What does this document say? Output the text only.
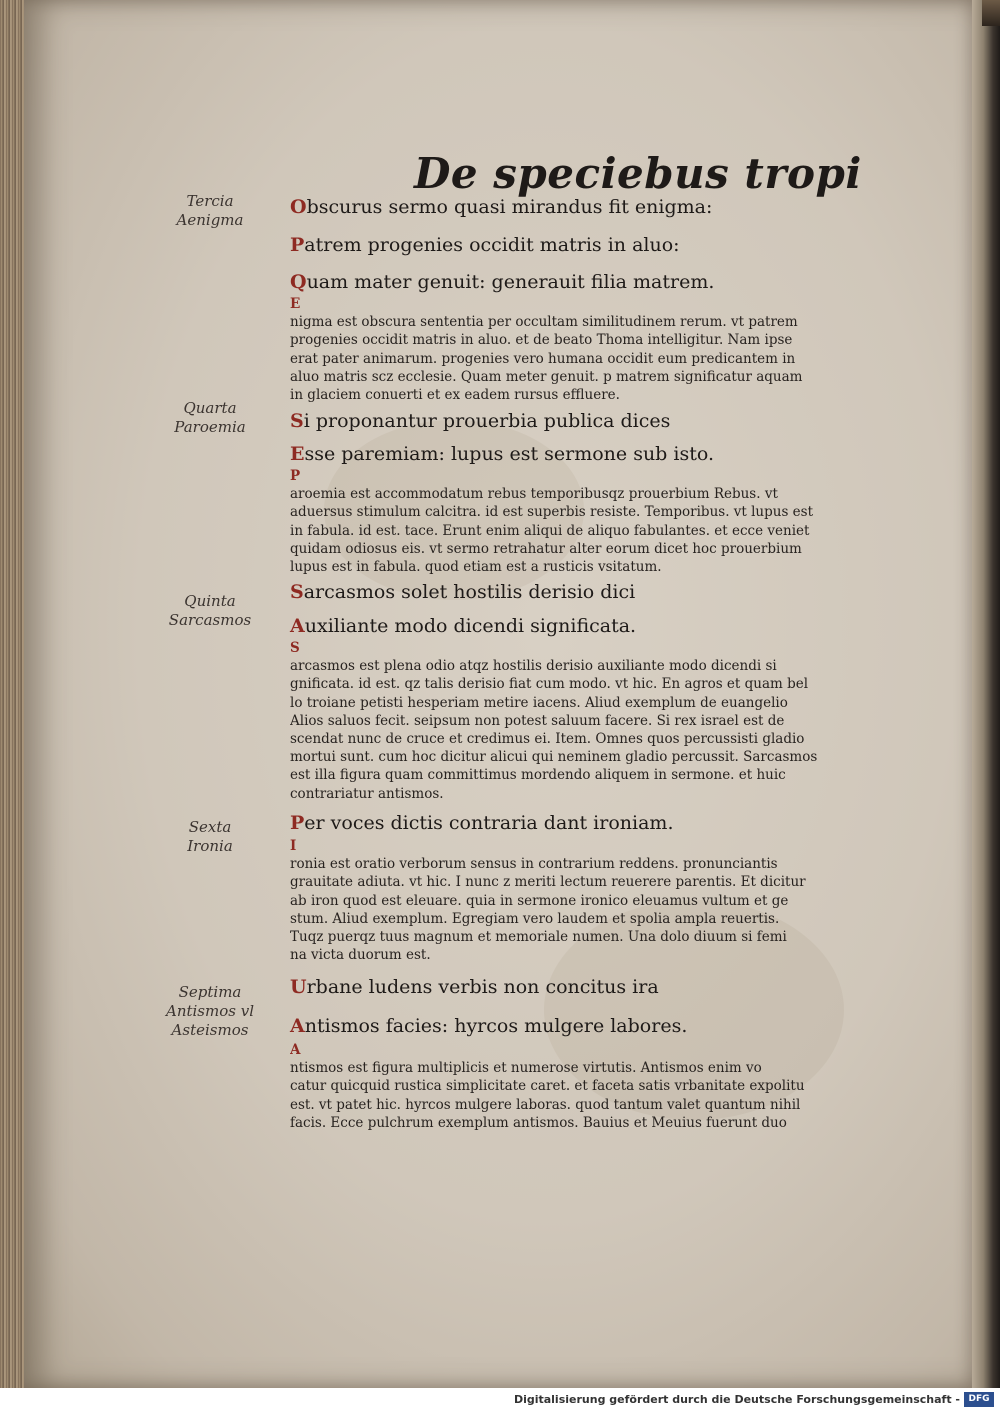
De speciebus tropi
Tercia
Aenigma
Obscurus sermo quasi mirandus fit enigma:
Patrem progenies occidit matris in aluo:
Quam mater genuit: generauit filia matrem.
E
nigma est obscura sententia per occultam similitudinem rerum. vt patrem
progenies occidit matris in aluo. et de beato Thoma intelligitur. Nam ipse
erat pater animarum. progenies vero humana occidit eum predicantem in
aluo matris scz ecclesie. Quam meter genuit. p matrem significatur aquam
in glaciem conuerti et ex eadem rursus effluere.
Quarta
Paroemia	Si proponantur prouerbia publica dices
Esse paremiam: lupus est sermone sub isto.
P
aroemia est accommodatum rebus temporibusqz prouerbium Rebus. vt
aduersus stimulum calcitra. id est superbis resiste. Temporibus. vt lupus est
in fabula. id est. tace. Erunt enim aliqui de aliquo fabulantes. et ecce veniet
quidam odiosus eis. vt sermo retrahatur alter eorum dicet hoc prouerbium
lupus est in fabula. quod etiam est a rusticis vsitatum.
Quinta
Sarcasmos
Sarcasmos solet hostilis derisio dici
Auxiliante modo dicendi significata.
S
arcasmos est plena odio atqz hostilis derisio auxiliante modo dicendi si
gnificata. id est. qz talis derisio fiat cum modo. vt hic. En agros et quam bel
lo troiane petisti hesperiam metire iacens. Aliud exemplum de euangelio
Alios saluos fecit. seipsum non potest saluum facere. Si rex israel est de
scendat nunc de cruce et credimus ei. Item. Omnes quos percussisti gladio
mortui sunt. cum hoc dicitur alicui qui neminem gladio percussit. Sarcasmos
est illa figura quam committimus mordendo aliquem in sermone. et huic
contrariatur antismos.
Sexta
Ironia
Per voces dictis contraria dant ironiam.
I
ronia est oratio verborum sensus in contrarium reddens. pronunciantis
grauitate adiuta. vt hic. I nunc z meriti lectum reuerere parentis. Et dicitur
ab iron quod est eleuare. quia in sermone ironico eleuamus vultum et ge
stum. Aliud exemplum. Egregiam vero laudem et spolia ampla reuertis.
Tuqz puerqz tuus magnum et memoriale numen. Una dolo diuum si femi
na victa duorum est.
Septima
Antismos vl
Asteismos
Urbane ludens verbis non concitus ira
Antismos facies: hyrcos mulgere labores.
A
ntismos est figura multiplicis et numerose virtutis. Antismos enim vo
catur quicquid rustica simplicitate caret. et faceta satis vrbanitate expolitu
est. vt patet hic. hyrcos mulgere laboras. quod tantum valet quantum nihil
facis. Ecce pulchrum exemplum antismos. Bauius et Meuius fuerunt duo
Digitalisierung gefördert durch die Deutsche Forschungsgemeinschaft - DFG
